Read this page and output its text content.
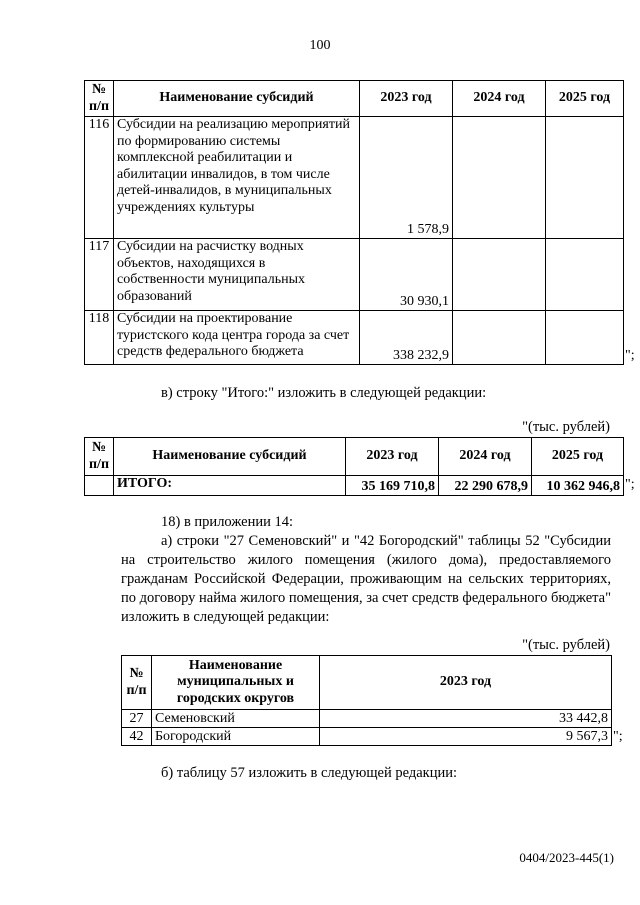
100
№ п/п	Наименование субсидий	2023 год	2024 год	2025 год
116	Субсидии на реализацию мероприятий по формированию системы комплексной реабилитации и абилитации инвалидов, в том числе детей-инвалидов, в муниципальных учреждениях культуры	1 578,9		
117	Субсидии на расчистку водных объектов, находящихся в собственности муниципальных образований	30 930,1		
118	Субсидии на проектирование туристского кода центра города за счет средств федерального бюджета	338 232,9			";
в) строку "Итого:" изложить в следующей редакции:
"(тыс. рублей)
№ п/п	Наименование субсидий	2023 год	2024 год	2025 год
	ИТОГО:	35 169 710,8	22 290 678,9	10 362 946,8 ";
18) в приложении 14:
а) строки "27 Семеновский" и "42 Богородский" таблицы 52 "Субсидии на строительство жилого помещения (жилого дома), предоставляемого гражданам Российской Федерации, проживающим на сельских территориях, по договору найма жилого помещения, за счет средств федерального бюджета" изложить в следующей редакции:
"(тыс. рублей)
№ п/п	Наименование муниципальных и городских округов	2023 год
27	Семеновский	33 442,8
42	Богородский	9 567,3 ";
б) таблицу 57 изложить в следующей редакции:
0404/2023-445(1)
